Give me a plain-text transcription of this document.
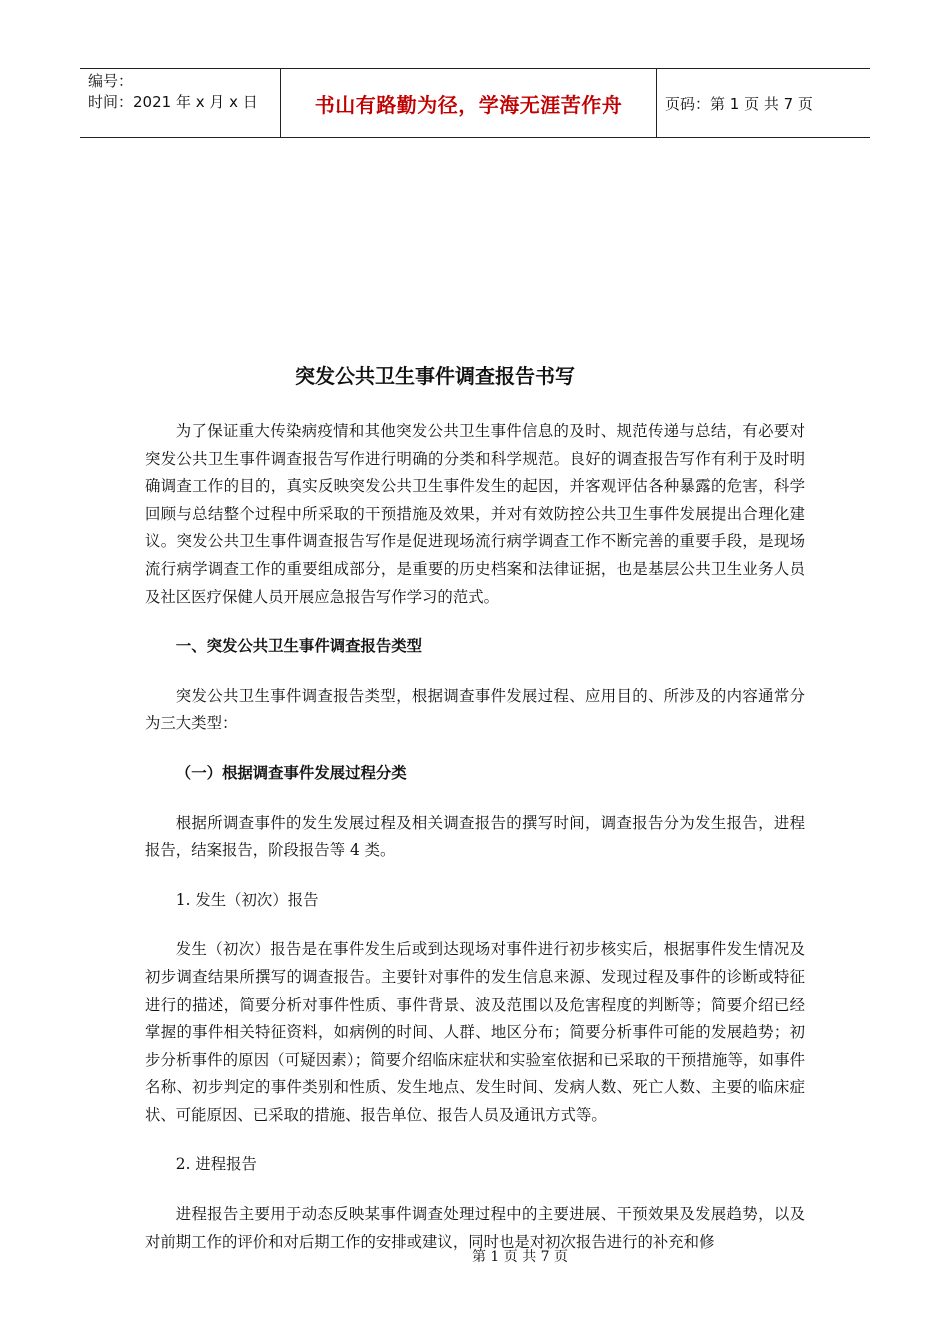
编号：
时间：2021 年 x 月 x 日	书山有路勤为径，学海无涯苦作舟	页码：第 1 页 共 7 页
突发公共卫生事件调查报告书写

为了保证重大传染病疫情和其他突发公共卫生事件信息的及时、规范传递与总结，有必要对突发公共卫生事件调查报告写作进行明确的分类和科学规范。良好的调查报告写作有利于及时明确调查工作的目的，真实反映突发公共卫生事件发生的起因，并客观评估各种暴露的危害，科学回顾与总结整个过程中所采取的干预措施及效果，并对有效防控公共卫生事件发展提出合理化建议。突发公共卫生事件调查报告写作是促进现场流行病学调查工作不断完善的重要手段，是现场流行病学调查工作的重要组成部分，是重要的历史档案和法律证据，也是基层公共卫生业务人员及社区医疗保健人员开展应急报告写作学习的范式。

一、突发公共卫生事件调查报告类型

突发公共卫生事件调查报告类型，根据调查事件发展过程、应用目的、所涉及的内容通常分为三大类型：

（一）根据调查事件发展过程分类

根据所调查事件的发生发展过程及相关调查报告的撰写时间，调查报告分为发生报告，进程报告，结案报告，阶段报告等 4 类。

1. 发生（初次）报告

发生（初次）报告是在事件发生后或到达现场对事件进行初步核实后，根据事件发生情况及初步调查结果所撰写的调查报告。主要针对事件的发生信息来源、发现过程及事件的诊断或特征进行的描述，简要分析对事件性质、事件背景、波及范围以及危害程度的判断等；简要介绍已经掌握的事件相关特征资料，如病例的时间、人群、地区分布；简要分析事件可能的发展趋势；初步分析事件的原因（可疑因素）；简要介绍临床症状和实验室依据和已采取的干预措施等，如事件名称、初步判定的事件类别和性质、发生地点、发生时间、发病人数、死亡人数、主要的临床症状、可能原因、已采取的措施、报告单位、报告人员及通讯方式等。

2. 进程报告

进程报告主要用于动态反映某事件调查处理过程中的主要进展、干预效果及发展趋势，以及对前期工作的评价和对后期工作的安排或建议，同时也是对初次报告进行的补充和修

第 1 页 共 7 页
